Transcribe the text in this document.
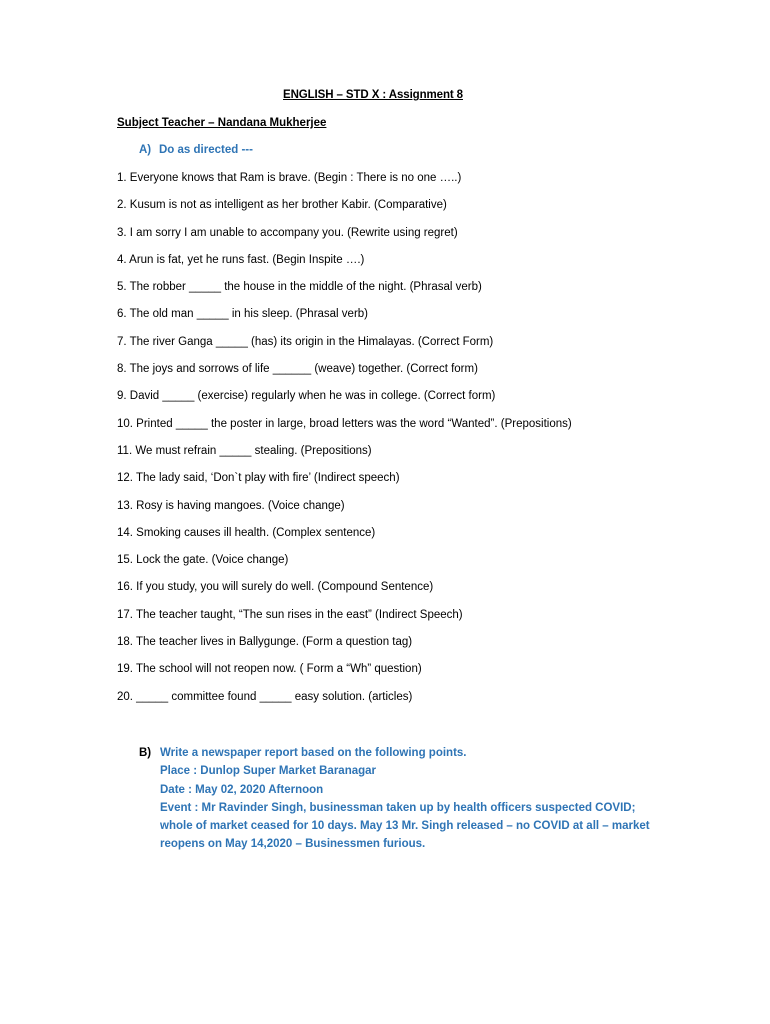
ENGLISH – STD X : Assignment 8
Subject Teacher – Nandana Mukherjee
A) Do as directed ---
1. Everyone knows that Ram is brave. (Begin : There is no one …..)
2. Kusum is not as intelligent as her brother Kabir. (Comparative)
3. I am sorry I am unable to accompany you. (Rewrite using regret)
4. Arun is fat, yet he runs fast. (Begin Inspite ….)
5. The robber _____ the house in the middle of the night. (Phrasal verb)
6. The old man _____ in his sleep. (Phrasal verb)
7. The river Ganga _____ (has) its origin in the Himalayas. (Correct Form)
8. The joys and sorrows of life ______ (weave) together. (Correct form)
9. David _____ (exercise) regularly when he was in college. (Correct form)
10. Printed _____ the poster in large, broad letters was the word “Wanted”. (Prepositions)
11. We must refrain _____ stealing. (Prepositions)
12. The lady said, ‘Don`t play with fire’ (Indirect speech)
13. Rosy is having mangoes. (Voice change)
14. Smoking causes ill health. (Complex sentence)
15. Lock the gate. (Voice change)
16. If you study, you will surely do well. (Compound Sentence)
17. The teacher taught, “The sun rises in the east” (Indirect Speech)
18. The teacher lives in Ballygunge. (Form a question tag)
19. The school will not reopen now. ( Form a “Wh” question)
20. _____ committee found _____ easy solution. (articles)
B) Write a newspaper report based on the following points.
Place : Dunlop Super Market Baranagar
Date : May 02, 2020 Afternoon
Event : Mr Ravinder Singh, businessman taken up by health officers suspected COVID;
whole of market ceased for 10 days. May 13 Mr. Singh released – no COVID at all – market
reopens on May 14,2020 – Businessmen furious.
